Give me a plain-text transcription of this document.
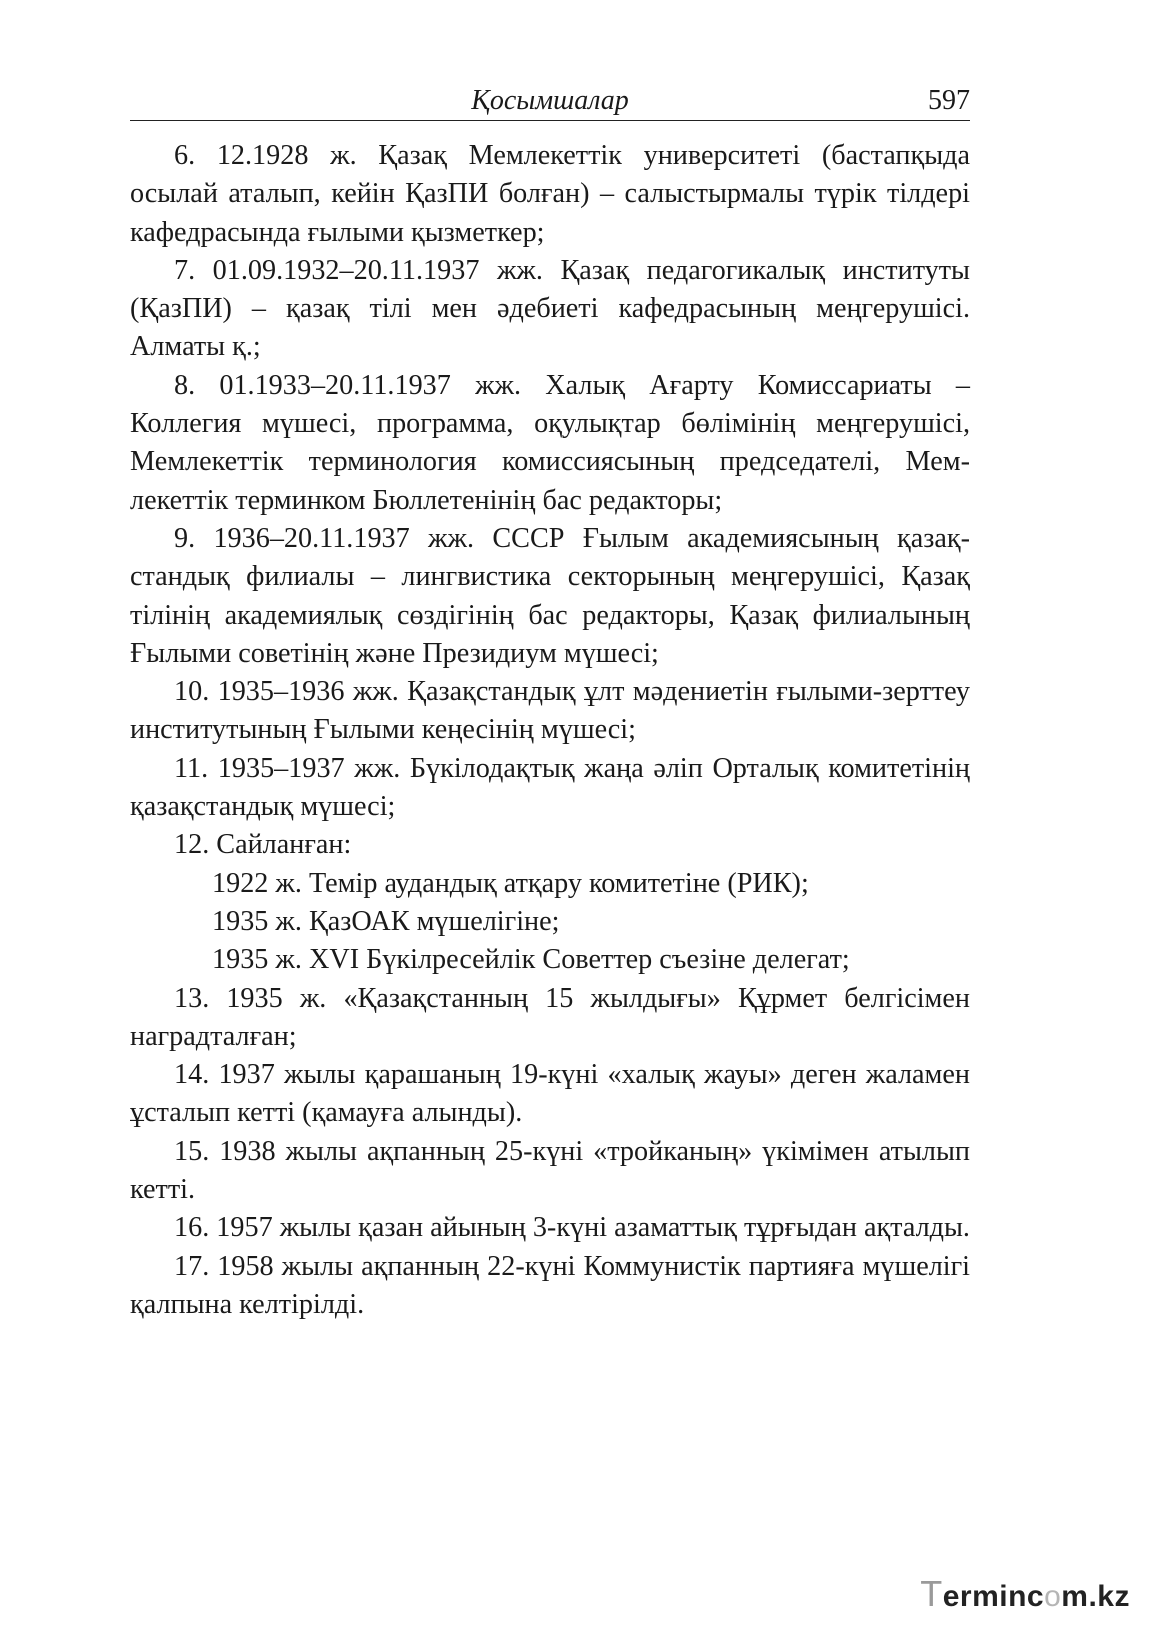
Қосымшалар	597

6. 12.1928 ж. Қазақ Мемлекеттік университеті (бастапқыда осылай аталып, кейін ҚазПИ болған) – салыстырмалы түрік тілдері кафедрасында ғылыми қызметкер;

7. 01.09.1932–20.11.1937 жж. Қазақ педагогикалық институты (ҚазПИ) – қазақ тілі мен әдебиеті кафедрасының меңгерушісі. Алматы қ.;

8. 01.1933–20.11.1937 жж. Халық Ағарту Комиссариаты – Коллегия мүшесі, программа, оқулықтар бөлімінің меңгерушісі, Мемлекеттік терминология комиссиясының председателі, Мемлекеттік терминком Бюллетенінің бас редакторы;

9. 1936–20.11.1937 жж. СССР Ғылым академиясының қазақстандық филиалы – лингвистика секторының меңгерушісі, Қазақ тілінің академиялық сөздігінің бас редакторы, Қазақ филиалының Ғылыми советінің және Президиум мүшесі;

10. 1935–1936 жж. Қазақстандық ұлт мәдениетін ғылыми-зерттеу институтының Ғылыми кеңесінің мүшесі;

11. 1935–1937 жж. Бүкілодақтық жаңа әліп Орталық комитетінің қазақстандық мүшесі;

12. Сайланған:

1922 ж. Темір аудандық атқару комитетіне (РИК);

1935 ж. ҚазОАК мүшелігіне;

1935 ж. XVI Бүкілресейлік Советтер съезіне делегат;

13. 1935 ж. «Қазақстанның 15 жылдығы» Құрмет белгісімен наградталған;

14. 1937 жылы қарашаның 19-күні «халық жауы» деген жаламен ұсталып кетті (қамауға алынды).

15. 1938 жылы ақпанның 25-күні «тройканың» үкімімен атылып кетті.

16. 1957 жылы қазан айының 3-күні азаматтық тұрғыдан ақталды.

17. 1958 жылы ақпанның 22-күні Коммунистік партияға мүшелігі қалпына келтірілді.

Termincom.kz
